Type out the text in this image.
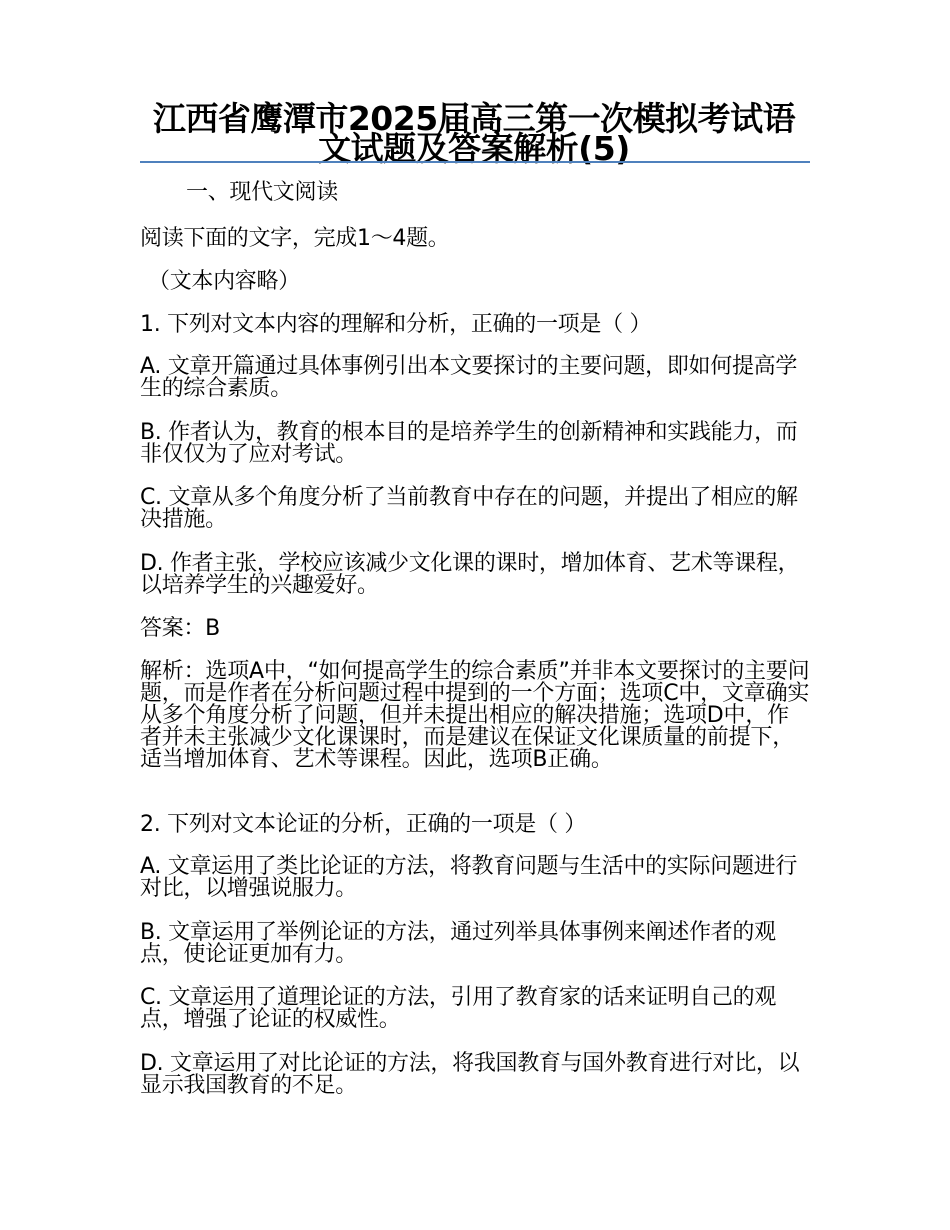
江西省鹰潭市2025届高三第一次模拟考试语文试题及答案解析(5)

一、现代文阅读

阅读下面的文字，完成1～4题。

（文本内容略）

1. 下列对文本内容的理解和分析，正确的一项是（ ）

A. 文章开篇通过具体事例引出本文要探讨的主要问题，即如何提高学生的综合素质。

B. 作者认为，教育的根本目的是培养学生的创新精神和实践能力，而非仅仅为了应对考试。

C. 文章从多个角度分析了当前教育中存在的问题，并提出了相应的解决措施。

D. 作者主张，学校应该减少文化课的课时，增加体育、艺术等课程，以培养学生的兴趣爱好。

答案：B

解析：选项A中，“如何提高学生的综合素质”并非本文要探讨的主要问题，而是作者在分析问题过程中提到的一个方面；选项C中，文章确实从多个角度分析了问题，但并未提出相应的解决措施；选项D中，作者并未主张减少文化课课时，而是建议在保证文化课质量的前提下，适当增加体育、艺术等课程。因此，选项B正确。

2. 下列对文本论证的分析，正确的一项是（ ）

A. 文章运用了类比论证的方法，将教育问题与生活中的实际问题进行对比，以增强说服力。

B. 文章运用了举例论证的方法，通过列举具体事例来阐述作者的观点，使论证更加有力。

C. 文章运用了道理论证的方法，引用了教育家的话来证明自己的观点，增强了论证的权威性。

D. 文章运用了对比论证的方法，将我国教育与国外教育进行对比，以显示我国教育的不足。
